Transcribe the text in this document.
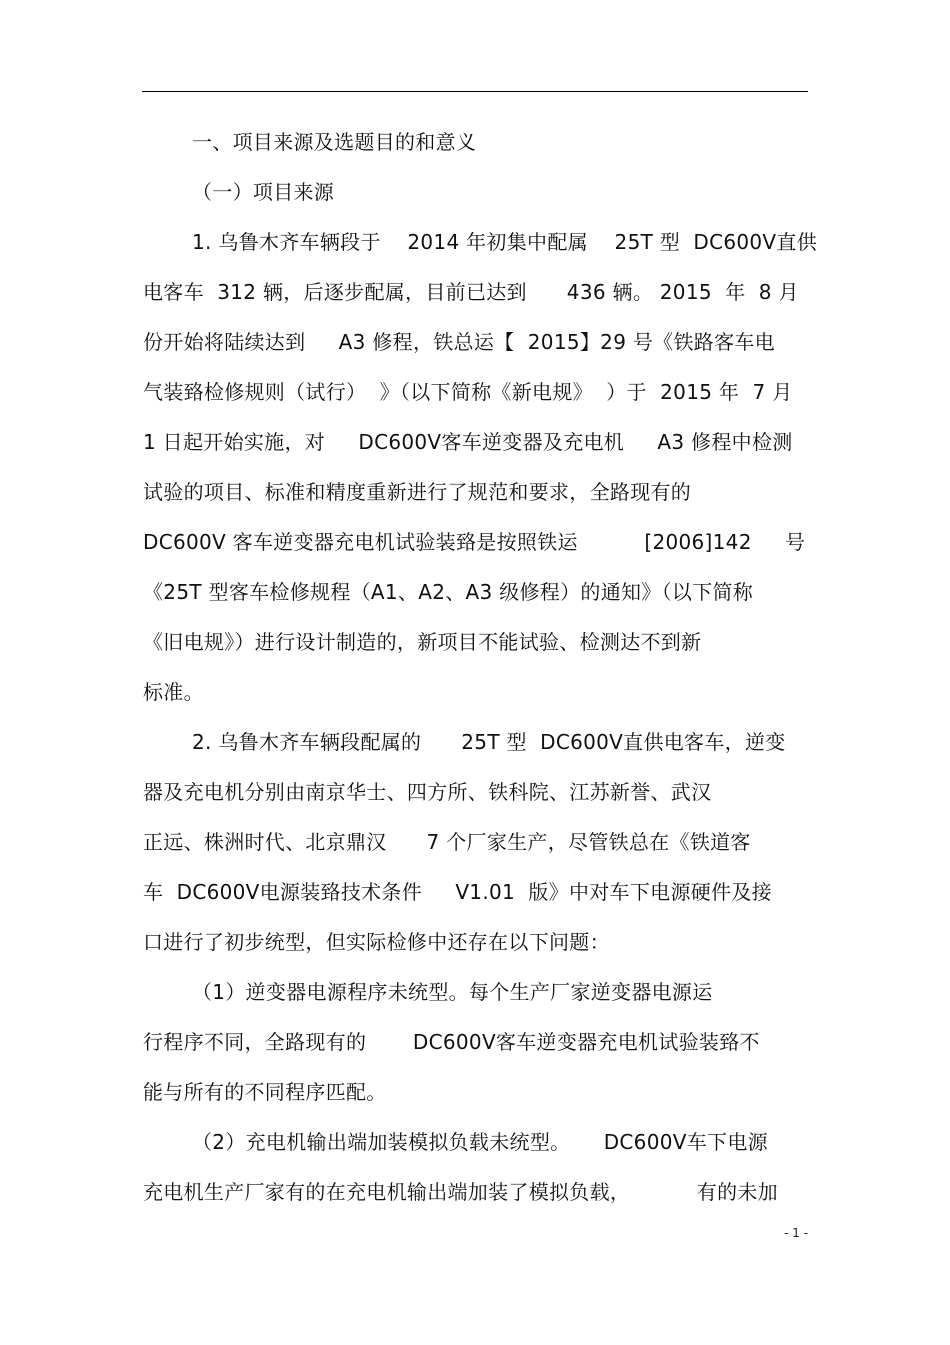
一、项目来源及选题目的和意义
（一）项目来源
1. 乌鲁木齐车辆段于    2014 年初集中配属    25T 型  DC600V直供
电客车  312 辆，后逐步配属，目前已达到      436 辆。 2015  年  8 月
份开始将陆续达到     A3 修程，铁总运【  2015】29 号《铁路客车电
气装臵检修规则（试行）  》（以下简称《新电规》  ）于  2015 年  7 月
1 日起开始实施，对     DC600V客车逆变器及充电机     A3 修程中检测
试验的项目、标准和精度重新进行了规范和要求，全路现有的
DC600V 客车逆变器充电机试验装臵是按照铁运          [2006]142     号
《25T 型客车检修规程（A1、A2、A3 级修程）的通知》（以下简称
《旧电规》）进行设计制造的，新项目不能试验、检测达不到新
标准。
2. 乌鲁木齐车辆段配属的      25T 型  DC600V直供电客车，逆变
器及充电机分别由南京华士、四方所、铁科院、江苏新誉、武汉
正远、株洲时代、北京鼎汉      7 个厂家生产，尽管铁总在《铁道客
车  DC600V电源装臵技术条件     V1.01  版》中对车下电源硬件及接
口进行了初步统型，但实际检修中还存在以下问题：
（1）逆变器电源程序未统型。每个生产厂家逆变器电源运
行程序不同，全路现有的       DC600V客车逆变器充电机试验装臵不
能与所有的不同程序匹配。
（2）充电机输出端加装模拟负载未统型。     DC600V车下电源
充电机生产厂家有的在充电机输出端加装了模拟负载，          有的未加
- 1 -
